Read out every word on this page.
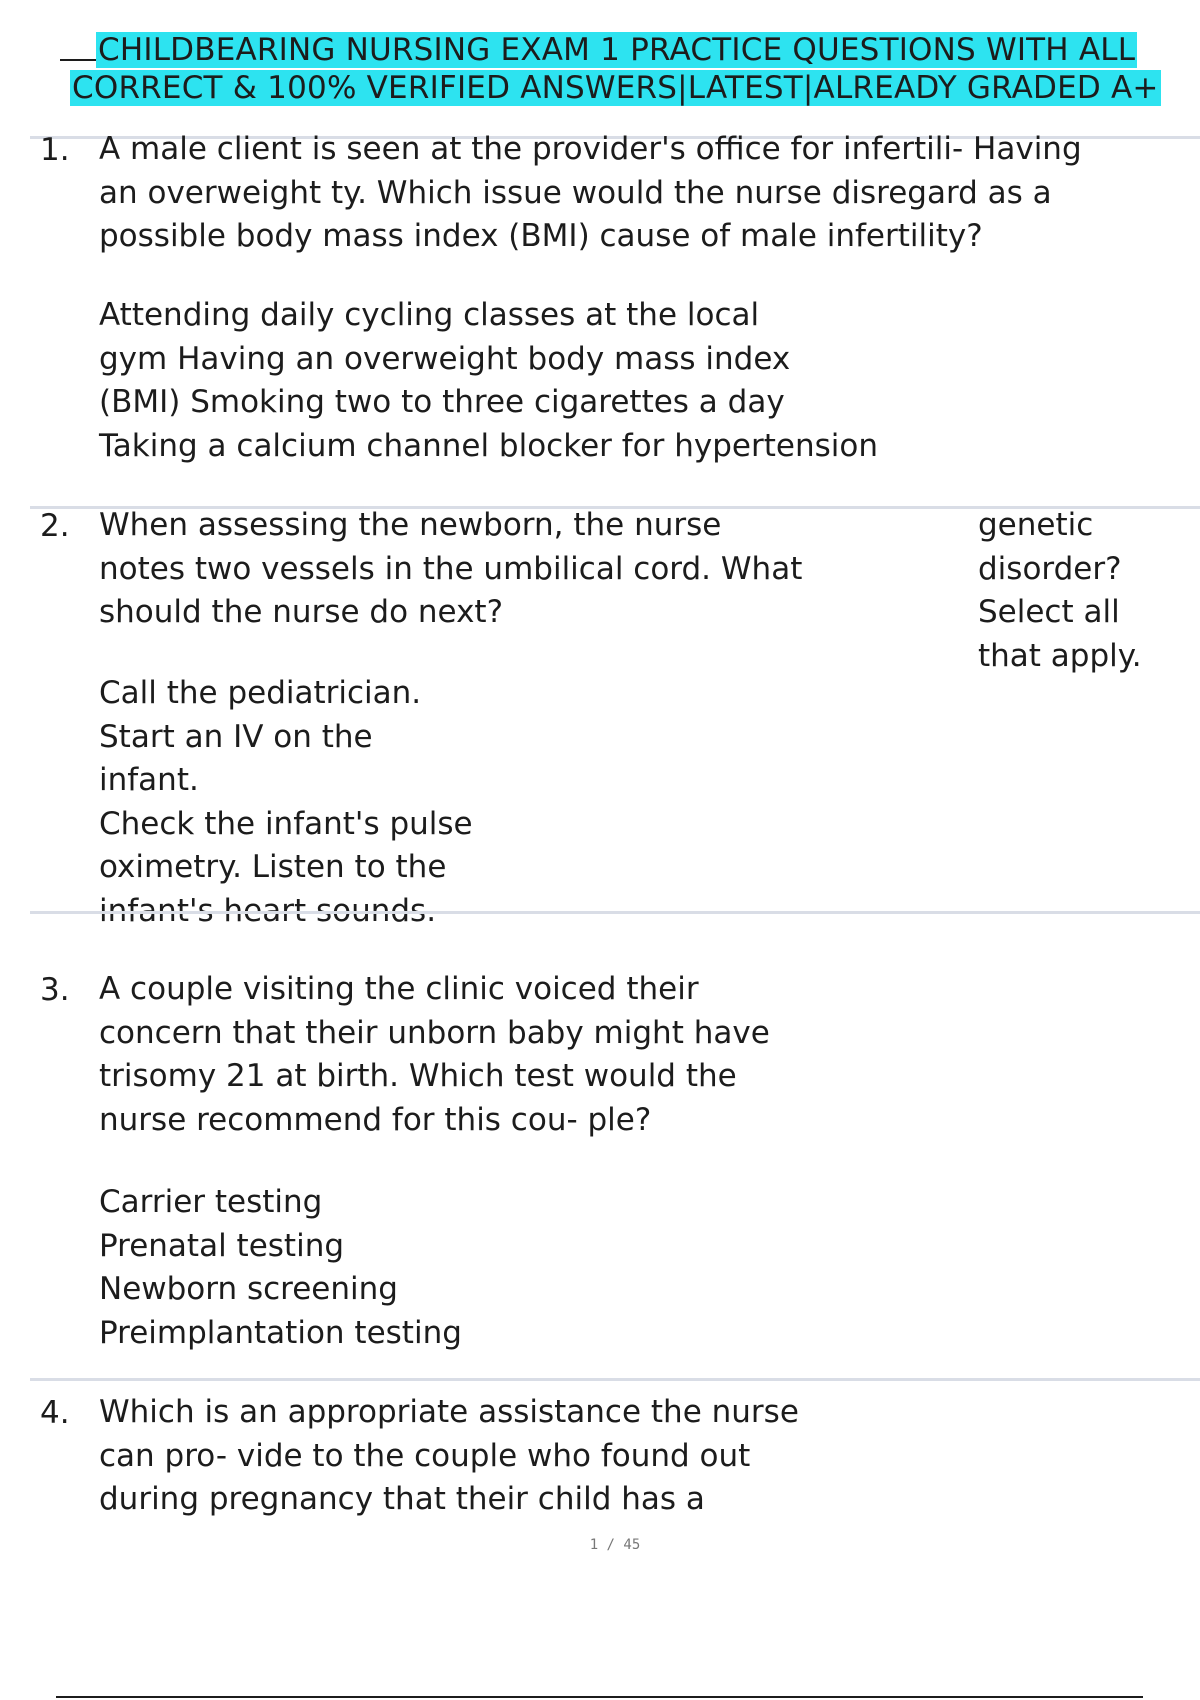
CHILDBEARING NURSING EXAM 1 PRACTICE QUESTIONS WITH ALL
CORRECT & 100% VERIFIED ANSWERS|LATEST|ALREADY GRADED A+
1. A male client is seen at the provider's office for infertili- Having
an overweight ty. Which issue would the nurse disregard as a
possible body mass index (BMI) cause of male infertility?
Attending daily cycling classes at the local
gym Having an overweight body mass index
(BMI) Smoking two to three cigarettes a day
Taking a calcium channel blocker for hypertension
2. When assessing the newborn, the nurse
notes two vessels in the umbilical cord. What
should the nurse do next?
genetic
disorder?
Select all
that apply.
Call the pediatrician.
Start an IV on the
infant.
Check the infant's pulse
oximetry. Listen to the
infant's heart sounds.
3. A couple visiting the clinic voiced their
concern that their unborn baby might have
trisomy 21 at birth. Which test would the
nurse recommend for this cou- ple?
Carrier testing
Prenatal testing
Newborn screening
Preimplantation testing
4. Which is an appropriate assistance the nurse
can pro- vide to the couple who found out
during pregnancy that their child has a
1 / 45
